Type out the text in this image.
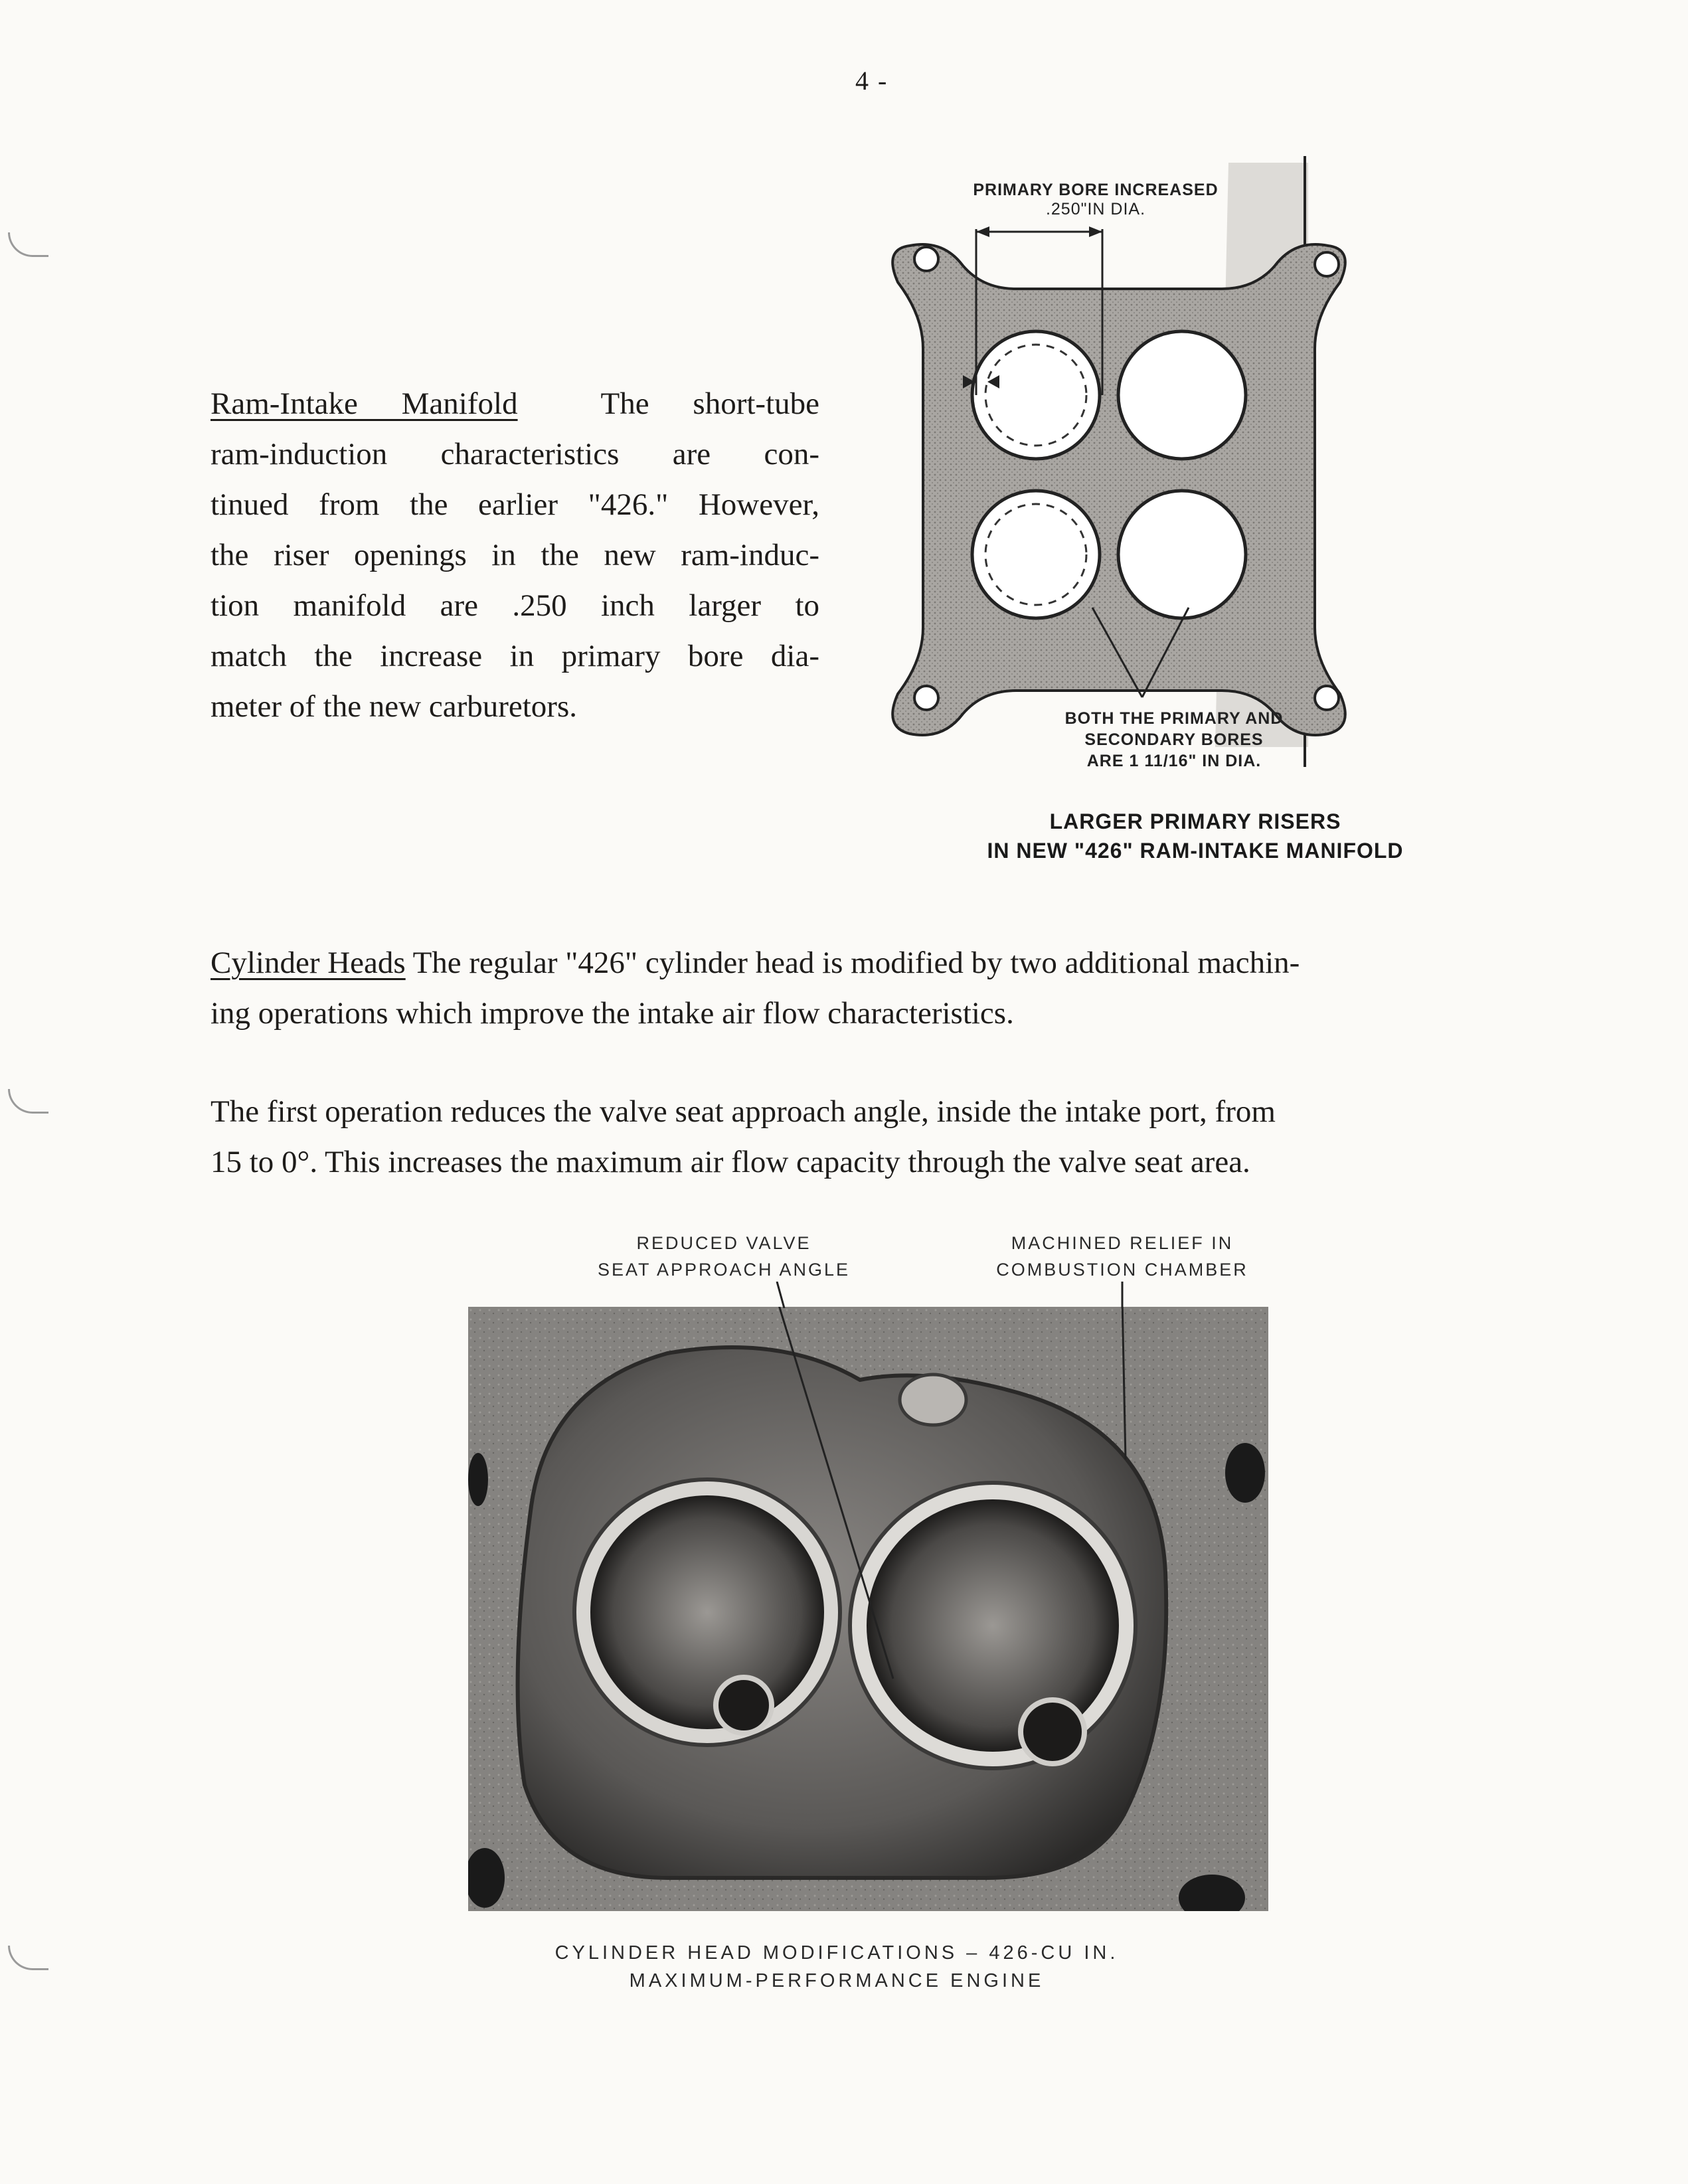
4 -
Ram-Intake Manifold The short-tube
ram-induction characteristics are con-
tinued from the earlier "426." However,
the riser openings in the new ram-induc-
tion manifold are .250 inch larger to
match the increase in primary bore dia-
meter of the new carburetors.
PRIMARY BORE INCREASED
.250"IN DIA.
BOTH THE PRIMARY AND
SECONDARY BORES
ARE 1 11/16" IN DIA.
LARGER PRIMARY RISERS
IN NEW "426" RAM-INTAKE MANIFOLD
Cylinder Heads The regular "426" cylinder head is modified by two additional machin-
ing operations which improve the intake air flow characteristics.
The first operation reduces the valve seat approach angle, inside the intake port, from
15 to 0°. This increases the maximum air flow capacity through the valve seat area.
REDUCED VALVE
SEAT APPROACH ANGLE
MACHINED RELIEF IN
COMBUSTION CHAMBER
CYLINDER HEAD MODIFICATIONS – 426-CU IN.
MAXIMUM-PERFORMANCE ENGINE
